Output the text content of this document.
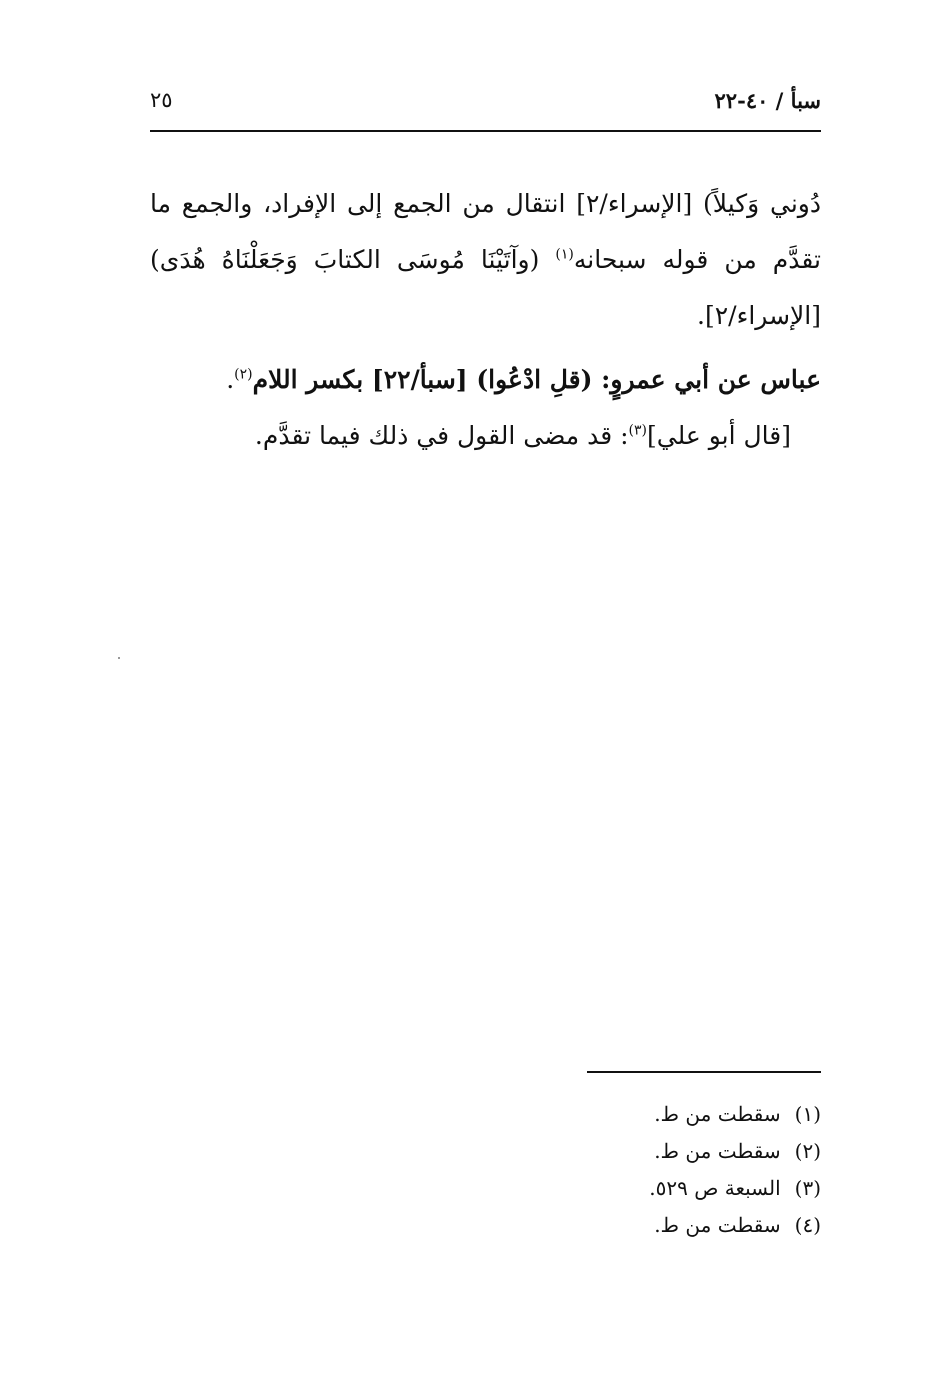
سبأ / ٤٠-٢٢
٢٥

دُوني وَكيلاً) [الإسراء/٢] انتقال من الجمع إلى الإفراد، والجمع ما تقدَّم من قوله سبحانه$^{(١)}$ (وآتَيْنَا مُوسَى الكتابَ وَجَعَلْنَاهُ هُدَى) [الإسراء/٢].

عباس عن أبي عمروٍ: (قلِ ادْعُوا) [سبأ/٢٢] بكسر اللام$^{(٢)}$.

[قال أبو علي]$^{(٣)}$: قد مضى القول في ذلك فيما تقدَّم.

(١) سقطت من ط.
(٢) سقطت من ط.
(٣) السبعة ص ٥٢٩.
(٤) سقطت من ط.
